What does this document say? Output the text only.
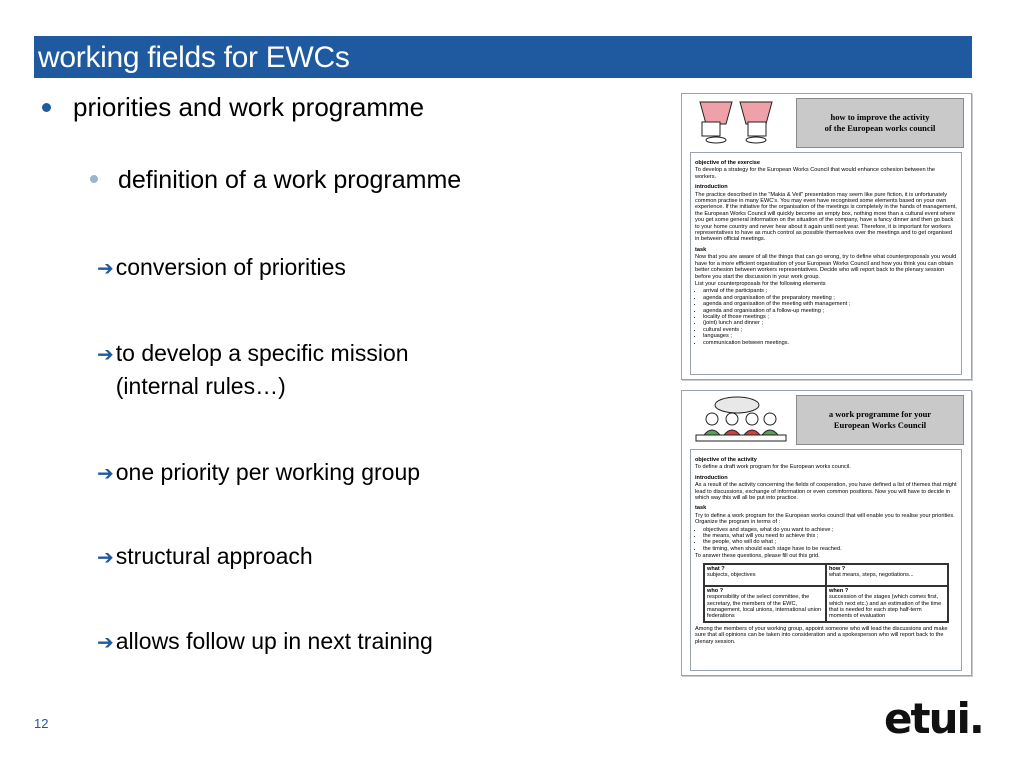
working fields for EWCs
priorities and work programme
definition of a work programme
➔conversion of priorities
➔to develop a specific mission
(internal rules…)
➔one priority per working group
➔structural approach
➔allows follow up in next training
how to improve the activity
of the European works council
objective of the exercise

To develop a strategy for the European Works Council that would enhance cohesion between the workers.

introduction

The practice described in the "Makia & Veil" presentation may seem like pure fiction, it is unfortunately common practise in many EWC's. You may even have recognised some elements based on your own experience. If the initiative for the organisation of the meetings is completely in the hands of management, the European Works Council will quickly become an empty box, nothing more than a cultural event where you get some general information on the situation of the company, have a fancy dinner and then go back to your home country and never hear about it again until next year. Therefore, it is important for workers representatives to have as much control as possible themselves over the meetings and to get organised in between official meetings.

task

Now that you are aware of all the things that can go wrong, try to define what counterproposals you would have for a more efficient organisation of your European Works Council and how you think you can obtain better cohesion between workers representatives. Decide who will report back to the plenary session before you start the discussion in your work group.

List your counterproposals for the following elements

• arrival of the participants ;
• agenda and organisation of the preparatory meeting ;
• agenda and organisation of the meeting with management ;
• agenda and organisation of a follow-up meeting ;
• locality of those meetings ;
• (joint) lunch and dinner ;
• cultural events ;
• languages ;
• communication between meetings.
a work programme for your
European Works Council
objective of the activity

To define a draft work program for the European works council.

introduction

As a result of the activity concerning the fields of cooperation, you have defined a list of themes that might lead to discussions, exchange of information or even common positions. Now you will have to decide in which way this will all be put into practice.

task

Try to define a work program for the European works council that will enable you to realise your priorities. Organize the program in terms of :

• objectives and stages, what do you want to achieve ;
• the means, what will you need to achieve this ;
• the people, who will do what ;
• the timing, when should each stage have to be reached.

To answer these questions, please fill out this grid.

what ?
subjects, objectives
how ?
what means, steps, negotiations...
who ?
responsibility of the select committee, the secretary, the members of the EWC, management, local unions, international union federations
when ?
succession of the stages (which comes first, which next etc.) and an estimation of the time that is needed for each step half-term moments of evaluation

Among the members of your working group, appoint someone who will lead the discussions and make sure that all opinions can be taken into consideration and a spokesperson who will report back to the plenary session.

12	etui.
